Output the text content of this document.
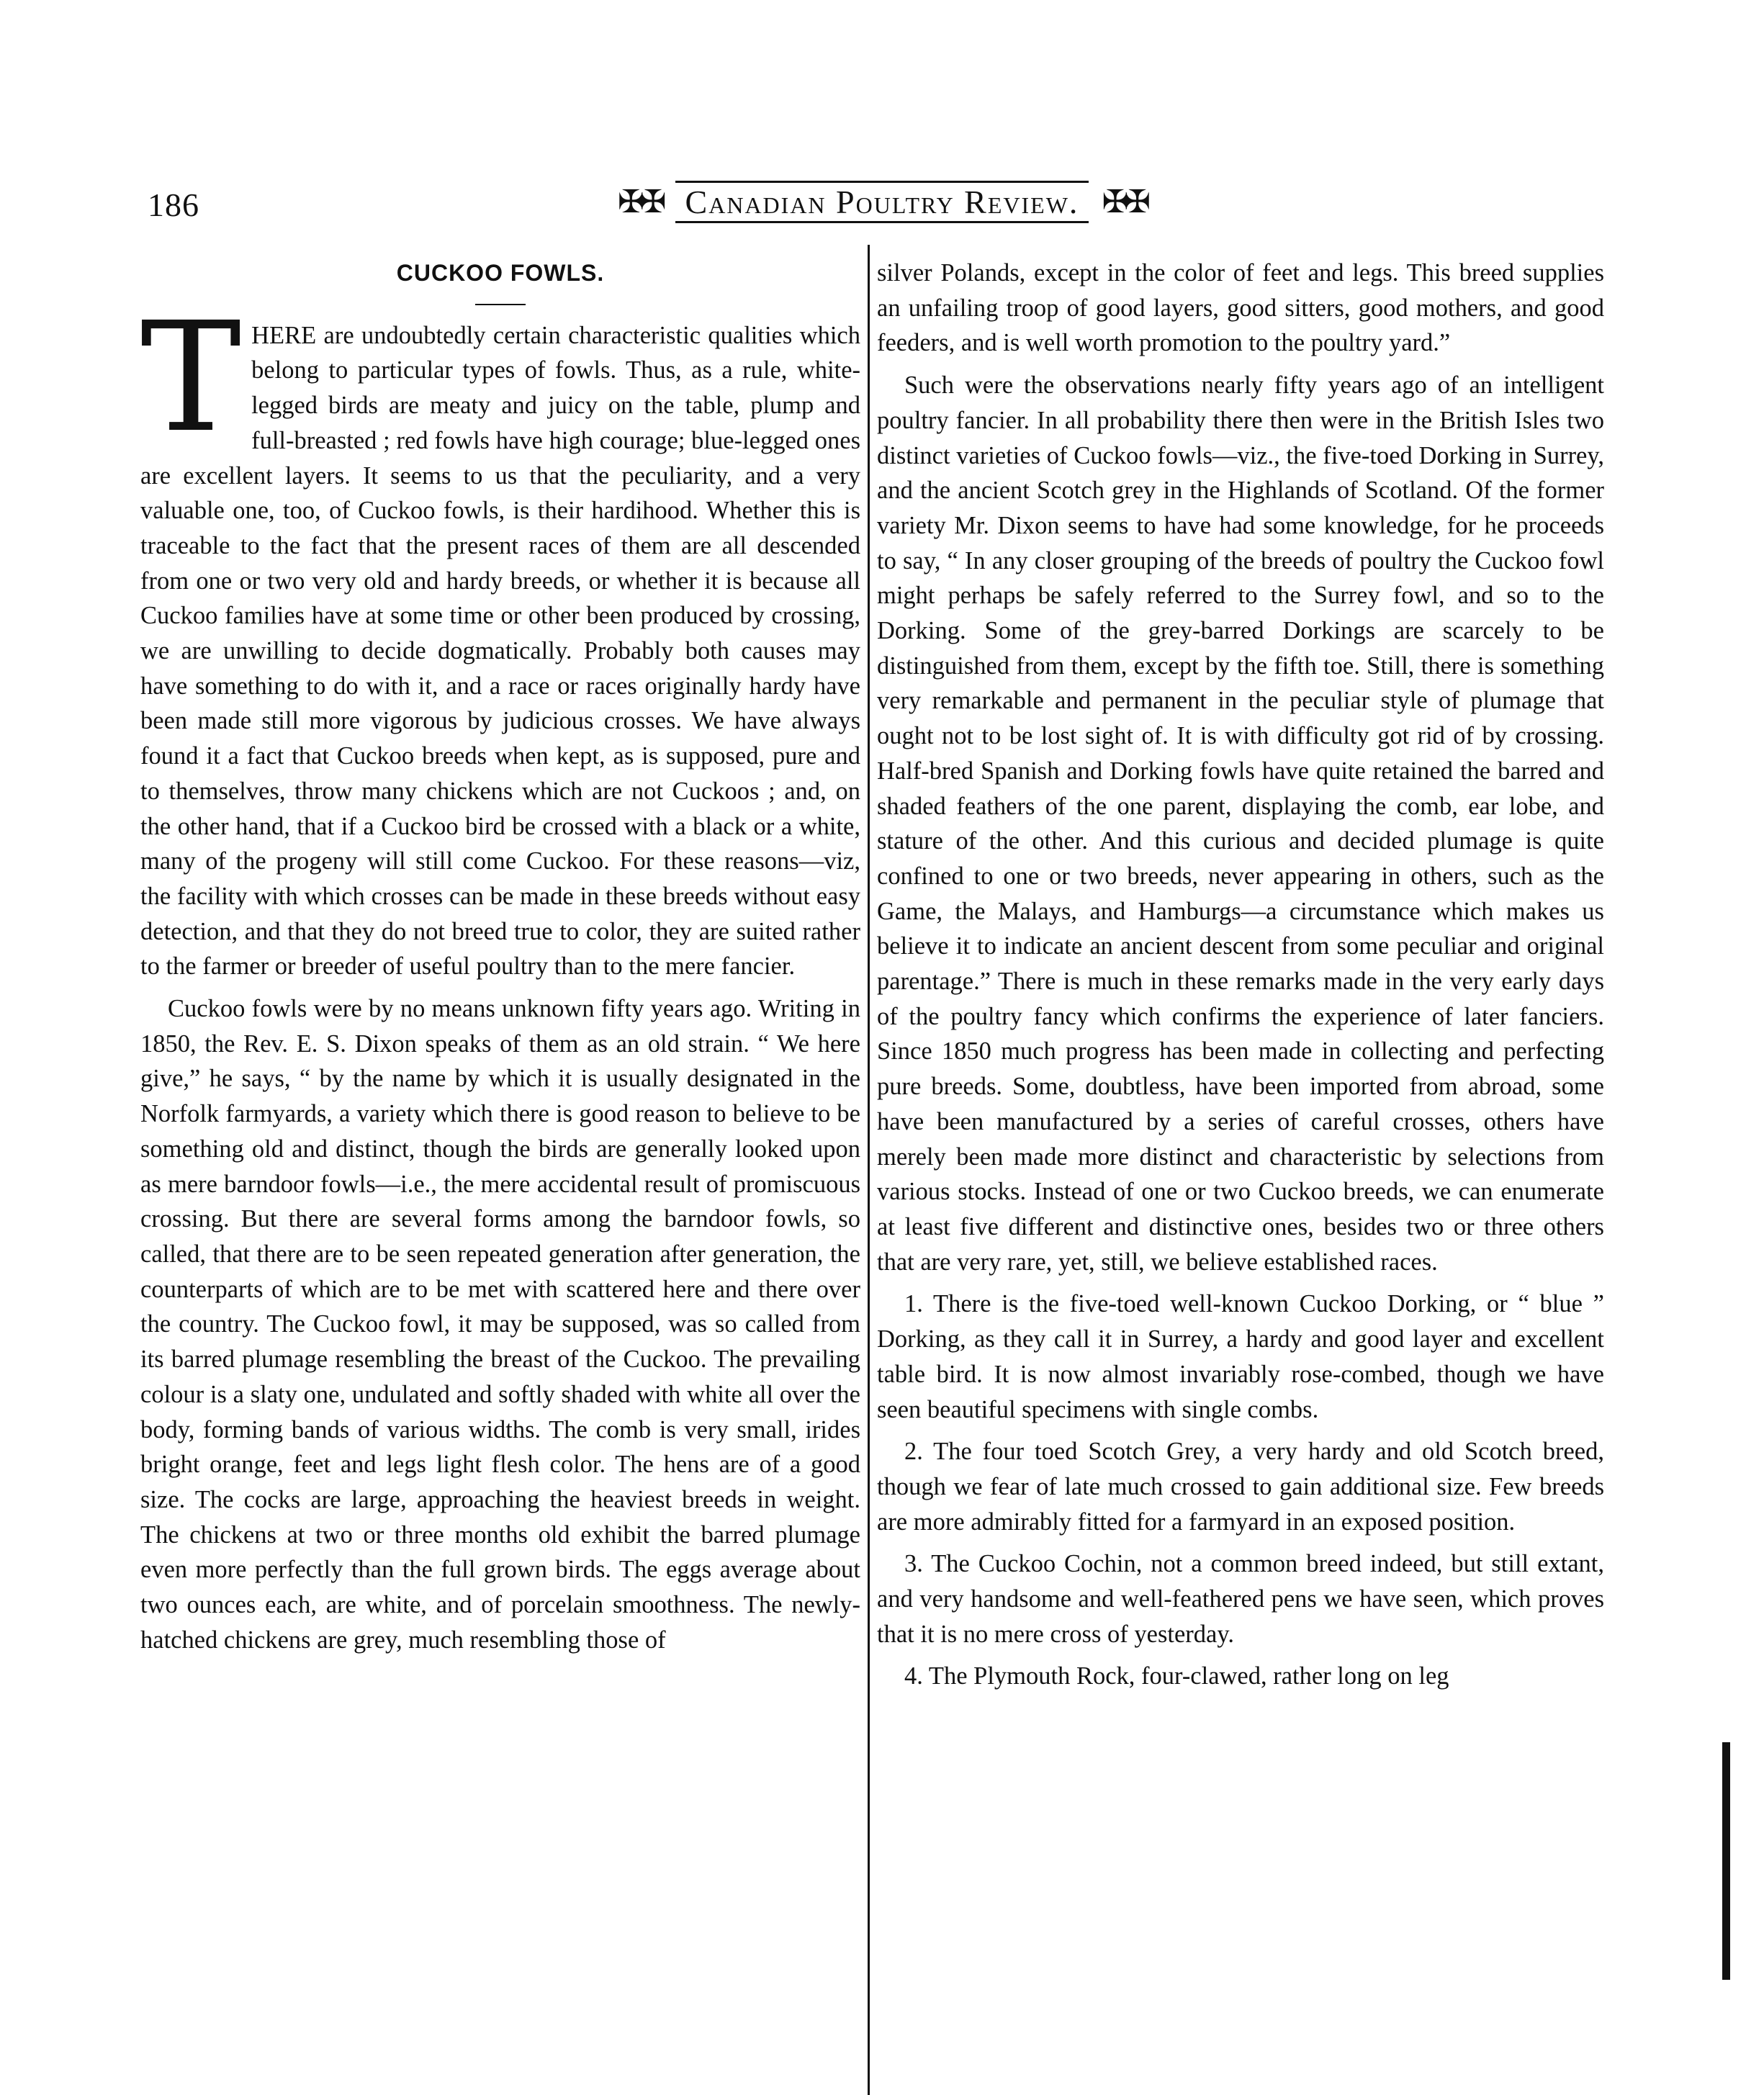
186	✠✠ Canadian Poultry Review. ✠✠
CUCKOO FOWLS.

THERE are undoubtedly certain characteristic qualities which belong to particular types of fowls. Thus, as a rule, white-legged birds are meaty and juicy on the table, plump and full-breasted ; red fowls have high courage; blue-legged ones are excellent layers. It seems to us that the peculiarity, and a very valuable one, too, of Cuckoo fowls, is their hardihood. Whether this is traceable to the fact that the present races of them are all descended from one or two very old and hardy breeds, or whether it is because all Cuckoo families have at some time or other been produced by crossing, we are unwilling to decide dogmatically. Probably both causes may have something to do with it, and a race or races originally hardy have been made still more vigorous by judicious crosses. We have always found it a fact that Cuckoo breeds when kept, as is supposed, pure and to themselves, throw many chickens which are not Cuckoos ; and, on the other hand, that if a Cuckoo bird be crossed with a black or a white, many of the progeny will still come Cuckoo. For these reasons—viz, the facility with which crosses can be made in these breeds without easy detection, and that they do not breed true to color, they are suited rather to the farmer or breeder of useful poultry than to the mere fancier.

Cuckoo fowls were by no means unknown fifty years ago. Writing in 1850, the Rev. E. S. Dixon speaks of them as an old strain. “ We here give,” he says, “ by the name by which it is usually designated in the Norfolk farmyards, a variety which there is good reason to believe to be something old and distinct, though the birds are generally looked upon as mere barndoor fowls—i.e., the mere accidental result of promiscuous crossing. But there are several forms among the barndoor fowls, so called, that there are to be seen repeated generation after generation, the counterparts of which are to be met with scattered here and there over the country. The Cuckoo fowl, it may be supposed, was so called from its barred plumage resembling the breast of the Cuckoo. The prevailing colour is a slaty one, undulated and softly shaded with white all over the body, forming bands of various widths. The comb is very small, irides bright orange, feet and legs light flesh color. The hens are of a good size. The cocks are large, approaching the heaviest breeds in weight. The chickens at two or three months old exhibit the barred plumage even more perfectly than the full grown birds. The eggs average about two ounces each, are white, and of porcelain smoothness. The newly-hatched chickens are grey, much resembling those of

silver Polands, except in the color of feet and legs. This breed supplies an unfailing troop of good layers, good sitters, good mothers, and good feeders, and is well worth promotion to the poultry yard.”

Such were the observations nearly fifty years ago of an intelligent poultry fancier. In all probability there then were in the British Isles two distinct varieties of Cuckoo fowls—viz., the five-toed Dorking in Surrey, and the ancient Scotch grey in the Highlands of Scotland. Of the former variety Mr. Dixon seems to have had some knowledge, for he proceeds to say, “ In any closer grouping of the breeds of poultry the Cuckoo fowl might perhaps be safely referred to the Surrey fowl, and so to the Dorking. Some of the grey-barred Dorkings are scarcely to be distinguished from them, except by the fifth toe. Still, there is something very remarkable and permanent in the peculiar style of plumage that ought not to be lost sight of. It is with difficulty got rid of by crossing. Half-bred Spanish and Dorking fowls have quite retained the barred and shaded feathers of the one parent, displaying the comb, ear lobe, and stature of the other. And this curious and decided plumage is quite confined to one or two breeds, never appearing in others, such as the Game, the Malays, and Hamburgs—a circumstance which makes us believe it to indicate an ancient descent from some peculiar and original parentage.” There is much in these remarks made in the very early days of the poultry fancy which confirms the experience of later fanciers. Since 1850 much progress has been made in collecting and perfecting pure breeds. Some, doubtless, have been imported from abroad, some have been manufactured by a series of careful crosses, others have merely been made more distinct and characteristic by selections from various stocks. Instead of one or two Cuckoo breeds, we can enumerate at least five different and distinctive ones, besides two or three others that are very rare, yet, still, we believe established races.

1. There is the five-toed well-known Cuckoo Dorking, or “ blue ” Dorking, as they call it in Surrey, a hardy and good layer and excellent table bird. It is now almost invariably rose-combed, though we have seen beautiful specimens with single combs.

2. The four toed Scotch Grey, a very hardy and old Scotch breed, though we fear of late much crossed to gain additional size. Few breeds are more admirably fitted for a farmyard in an exposed position.

3. The Cuckoo Cochin, not a common breed indeed, but still extant, and very handsome and well-feathered pens we have seen, which proves that it is no mere cross of yesterday.

4. The Plymouth Rock, four-clawed, rather long on leg
